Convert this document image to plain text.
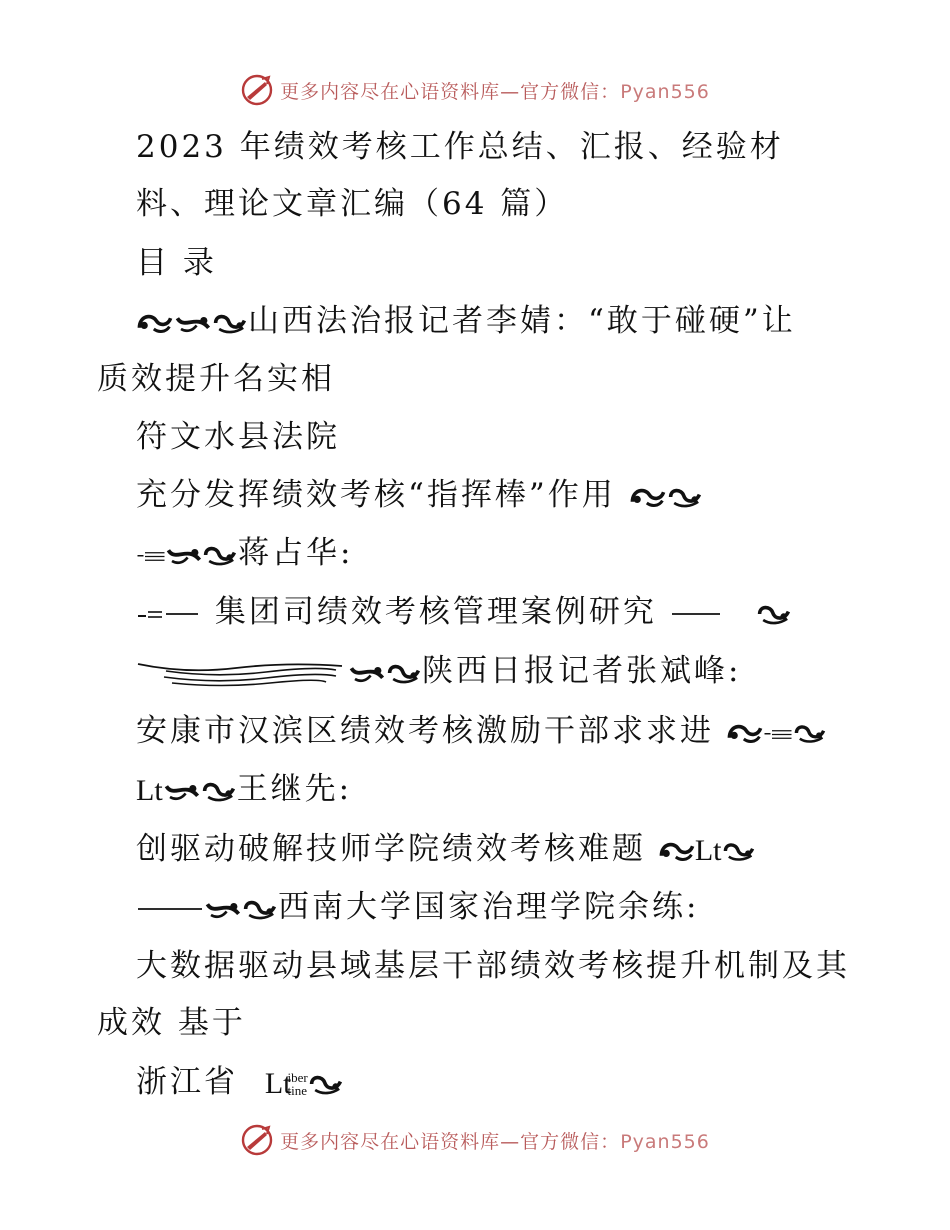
更多内容尽在心语资料库—官方微信：Pyan556
2023 年绩效考核工作总结、汇报、经验材
料、理论文章汇编（64 篇）
目 录
山西法治报记者李婧：“敢于碰硬”让
质效提升名实相
符文水县法院
充分发挥绩效考核“指挥棒”作用
蒋占华:
集团司绩效考核管理案例研究
陕西日报记者张斌峰:
安康市汉滨区绩效考核激励干部求求进
Lt 王继先:
创驱动破解技师学院绩效考核难题 Lt
西南大学国家治理学院余练:
大数据驱动县域基层干部绩效考核提升机制及其
成效 基于
浙江省 Lt
iber
tine
更多内容尽在心语资料库—官方微信：Pyan556
